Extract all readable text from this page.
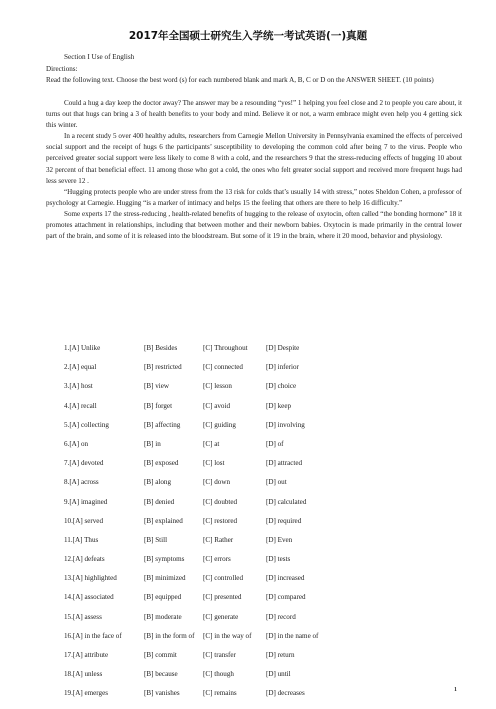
2017年全国硕士研究生入学统一考试英语(一)真题
Section I Use of English

Directions:

Read the following text. Choose the best word (s) for each numbered blank and mark A, B, C or D on the ANSWER SHEET. (10 points)

Could a hug a day keep the doctor away? The answer may be a resounding “yes!” 1 helping you feel close and 2 to people you care about, it turns out that hugs can bring a 3 of health benefits to your body and mind. Believe it or not, a warm embrace might even help you 4 getting sick this winter.

In a recent study 5 over 400 healthy adults, researchers from Carnegie Mellon University in Pennsylvania examined the effects of perceived social support and the receipt of hugs 6 the participants’ susceptibility to developing the common cold after being 7 to the virus. People who perceived greater social support were less likely to come 8 with a cold, and the researchers 9 that the stress-reducing effects of hugging 10 about 32 percent of that beneficial effect. 11 among those who got a cold, the ones who felt greater social support and received more frequent hugs had less severe 12 .

“Hugging protects people who are under stress from the 13 risk for colds that’s usually 14 with stress,” notes Sheldon Cohen, a professor of psychology at Carnegie. Hugging “is a marker of intimacy and helps 15 the feeling that others are there to help 16 difficulty.”

Some experts 17 the stress-reducing , health-related benefits of hugging to the release of oxytocin, often called “the bonding hormone” 18 it promotes attachment in relationships, including that between mother and their newborn babies. Oxytocin is made primarily in the central lower part of the brain, and some of it is released into the bloodstream. But some of it 19 in the brain, where it 20 mood, behavior and physiology.

1.[A] Unlike	[B] Besides	[C] Throughout	[D] Despite
2.[A] equal	[B] restricted	[C] connected	[D] inferior
3.[A] host	[B] view	[C] lesson	[D] choice
4.[A] recall	[B] forget	[C] avoid	[D] keep
5.[A] collecting	[B] affecting	[C] guiding	[D] involving
6.[A] on	[B] in	[C] at	[D] of
7.[A] devoted	[B] exposed	[C] lost	[D] attracted
8.[A] across	[B] along	[C] down	[D] out
9.[A] imagined	[B] denied	[C] doubted	[D] calculated
10.[A] served	[B] explained	[C] restored	[D] required
11.[A] Thus	[B] Still	[C] Rather	[D] Even
12.[A] defeats	[B] symptoms	[C] errors	[D] tests
13.[A] highlighted	[B] minimized [C] controlled	[D] increased
14.[A] associated	[B] equipped	[C] presented	[D] compared
15.[A] assess	[B] moderate	[C] generate	[D] record
16.[A] in the face of	[B] in the form of [C] in the way of [D] in the name of
17.[A] attribute	[B] commit	[C] transfer	[D] return
18.[A] unless	[B] because	[C] though	[D] until
19.[A] emerges	[B] vanishes	[C] remains	[D] decreases	1
